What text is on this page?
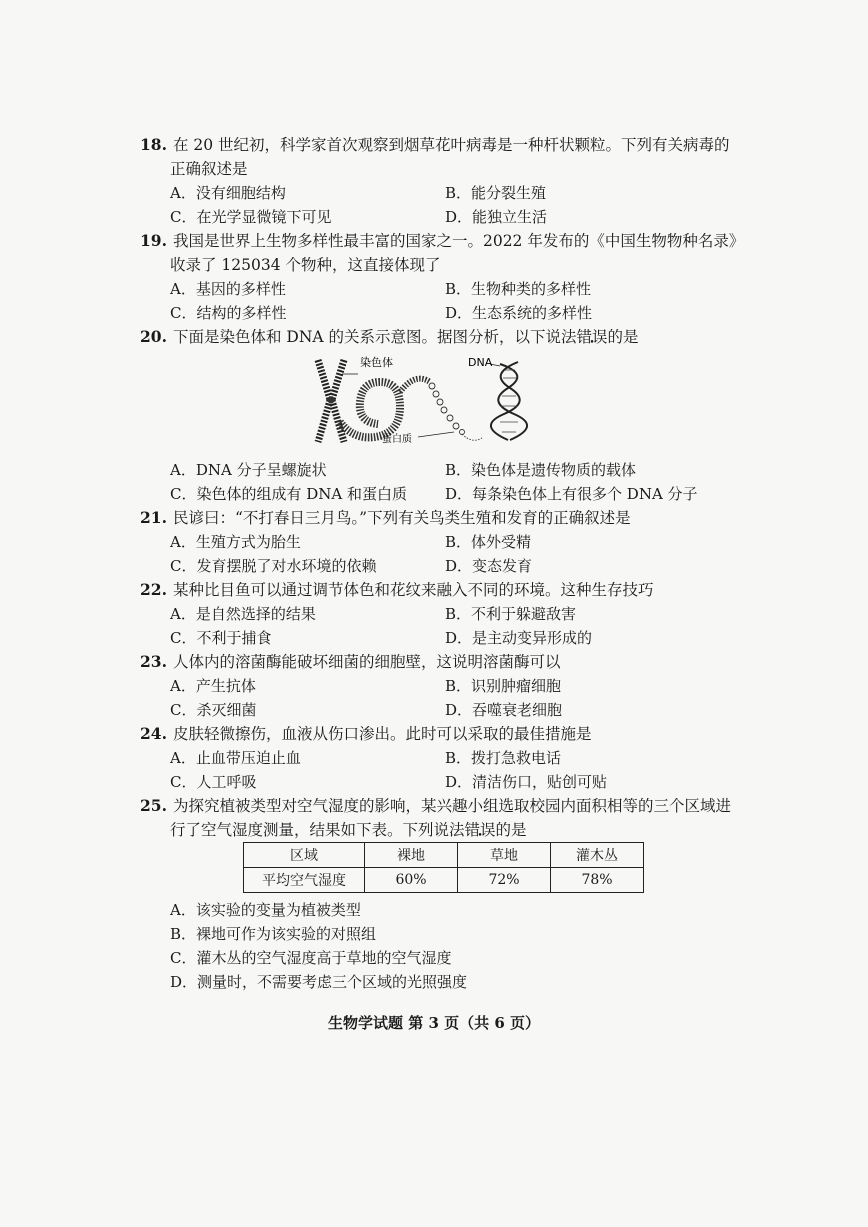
18. 在 20 世纪初，科学家首次观察到烟草花叶病毒是一种杆状颗粒。下列有关病毒的
正确叙述是
A．没有细胞结构	B．能分裂生殖
C．在光学显微镜下可见	D．能独立生活
19. 我国是世界上生物多样性最丰富的国家之一。2022 年发布的《中国生物物种名录》
收录了 125034 个物种，这直接体现了
A．基因的多样性	B．生物种类的多样性
C．结构的多样性	D．生态系统的多样性
20. 下面是染色体和 DNA 的关系示意图。据图分析，以下说法错误的是
染色体	DNA
蛋白质
A．DNA 分子呈螺旋状	B．染色体是遗传物质的载体
C．染色体的组成有 DNA 和蛋白质	D．每条染色体上有很多个 DNA 分子
21. 民谚曰：“不打春日三月鸟。”下列有关鸟类生殖和发育的正确叙述是
A．生殖方式为胎生	B．体外受精
C．发育摆脱了对水环境的依赖	D．变态发育
22. 某种比目鱼可以通过调节体色和花纹来融入不同的环境。这种生存技巧
A．是自然选择的结果	B．不利于躲避敌害
C．不利于捕食	D．是主动变异形成的
23. 人体内的溶菌酶能破坏细菌的细胞壁，这说明溶菌酶可以
A．产生抗体	B．识别肿瘤细胞
C．杀灭细菌	D．吞噬衰老细胞
24. 皮肤轻微擦伤，血液从伤口渗出。此时可以采取的最佳措施是
A．止血带压迫止血	B．拨打急救电话
C．人工呼吸	D．清洁伤口，贴创可贴
25. 为探究植被类型对空气湿度的影响，某兴趣小组选取校园内面积相等的三个区域进
行了空气湿度测量，结果如下表。下列说法错误的是
区域	裸地	草地	灌木丛
平均空气湿度	60%	72%	78%
A．该实验的变量为植被类型
B．裸地可作为该实验的对照组
C．灌木丛的空气湿度高于草地的空气湿度
D．测量时，不需要考虑三个区域的光照强度
生物学试题 第 3 页（共 6 页）
